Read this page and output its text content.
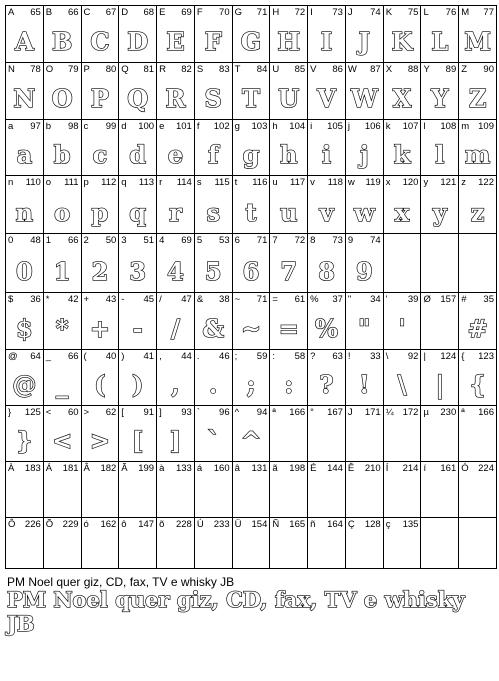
A 65
A
B 66
B
C 67
C
D 68
D
E 69
E
F 70
F
G 71
G
H 72
H
I 73
I
J 74
J
K 75
K
L 76
L
M 77
M
N 78
N
O 79
O
P 80
P
Q 81
Q
R 82
R
S 83
S
T 84
T
U 85
U
V 86
V
W 87
W
X 88
X
Y 89
Y
Z 90
Z
a 97
a
b 98
b
c 99
c
d 100
d
e 101
e
f 102
f
g 103
g
h 104
h
i 105
i
j 106
j
k 107
k
l 108
l
m 109
m
n 110
n
o 111
o
p 112
p
q 113
q
r 114
r
s 115
s
t 116
t
u 117
u
v 118
v
w 119
w
x 120
x
y 121
y
z 122
z
0 48
0
1 66
1
2 50
2
3 51
3
4 69
4
5 53
5
6 71
6
7 72
7
8 73
8
9 74
9
$ 36
$
* 42
*
+ 43
+
- 45
-
/ 47
/
& 38
&
~ 71
~
= 61
=
% 37
%
" 34
"
' 39
'
Ø 157 # 35
#
@ 64
@
_ 66
_
( 40
(
) 41
)
, 44
,
. 46
.
; 59
;
: 58
:
? 63
?
! 33
!
\ 92
\
| 124
|
{ 123
{
} 125
}
< 60
<
> 62
>
[ 91
[
] 93
]
` 96
`
^ 94
^
ª 166 ° 167 J 171 ¼ 172 µ 230 ª 166
À 183 Á 181 Â 182 Ã 199 à 133 á 160 â 131 ã 198 É 144 Ê 210 Í 214 í 161 Ó 224
Ô 226 Õ 229 ó 162 ô 147 õ 228 Ú 233 Ü 154 Ñ 165 ñ 164 Ç 128 ç 135
PM Noel quer giz, CD, fax, TV e whisky JB
PM Noel quer giz, CD, fax, TV e whisky JB
